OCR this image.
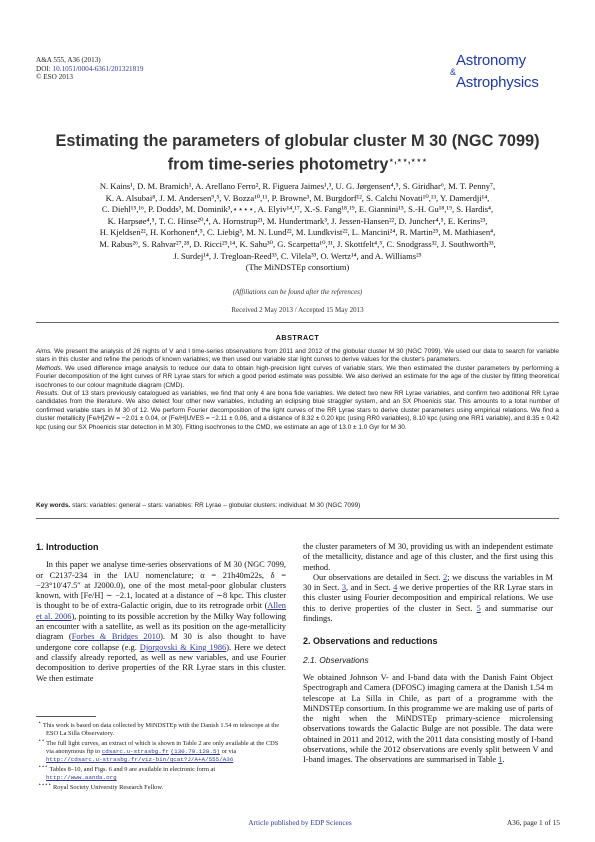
A&A 555, A36 (2013)
DOI: 10.1051/0004-6361/201321819
© ESO 2013
Astronomy
&
Astrophysics
Estimating the parameters of globular cluster M 30 (NGC 7099)
from time-series photometry⋆,⋆⋆,⋆⋆⋆
N. Kains¹, D. M. Bramich¹, A. Arellano Ferro², R. Figuera Jaimes¹,³, U. G. Jørgensen⁴,⁵, S. Giridhar⁶, M. T. Penny⁷,
K. A. Alsubai⁸, J. M. Andersen⁹,⁵, V. Bozza¹⁰,¹¹, P. Browne³, M. Burgdorf¹², S. Calchi Novati¹⁰,¹³, Y. Damerdji¹⁴,
C. Diehl¹⁵,¹⁶, P. Dodds³, M. Dominik³,⋆⋆⋆⋆, A. Elyiv¹⁴,¹⁷, X.-S. Fang¹⁸,¹⁹, E. Giannini¹⁵, S.-H. Gu¹⁸,¹⁹, S. Hardis⁴,
K. Harpsøe⁴,⁵, T. C. Hinse²⁰,⁴, A. Hornstrup²¹, M. Hundertmark³, J. Jessen-Hansen²², D. Juncher⁴,⁵, E. Kerins²³,
H. Kjeldsen²², H. Korhonen⁴,⁵, C. Liebig³, M. N. Lund²², M. Lundkvist²², L. Mancini²⁴, R. Martin²⁵, M. Mathiasen⁴,
M. Rabus²⁶, S. Rahvar²⁷,²⁸, D. Ricci²⁹,¹⁴, K. Sahu³⁰, G. Scarpetta¹⁰,³¹, J. Skottfelt⁴,⁵, C. Snodgrass³², J. Southworth³³,
J. Surdej¹⁴, J. Tregloan-Reed³³, C. Vilela³³, O. Wertz¹⁴, and A. Williams²⁵
(The MiNDSTEp consortium)
(Affiliations can be found after the references)
Received 2 May 2013 / Accepted 15 May 2013
ABSTRACT

Aims. We present the analysis of 26 nights of V and I time-series observations from 2011 and 2012 of the globular cluster M 30 (NGC 7099). We used our data to search for variable stars in this cluster and refine the periods of known variables; we then used our variable star light curves to derive values for the cluster's parameters.

Methods. We used difference image analysis to reduce our data to obtain high-precision light curves of variable stars. We then estimated the cluster parameters by performing a Fourier decomposition of the light curves of RR Lyrae stars for which a good period estimate was possible. We also derived an estimate for the age of the cluster by fitting theoretical isochrones to our colour magnitude diagram (CMD).

Results. Out of 13 stars previously catalogued as variables, we find that only 4 are bona fide variables. We detect two new RR Lyrae variables, and confirm two additional RR Lyrae candidates from the literature. We also detect four other new variables, including an eclipsing blue straggler system, and an SX Phoenicis star. This amounts to a total number of confirmed variable stars in M 30 of 12. We perform Fourier decomposition of the light curves of the RR Lyrae stars to derive cluster parameters using empirical relations. We find a cluster metallicity [Fe/H]ZW = −2.01 ± 0.04, or [Fe/H]UVES = −2.11 ± 0.06, and a distance of 8.32 ± 0.20 kpc (using RR0 variables), 8.10 kpc (using one RR1 variable), and 8.35 ± 0.42 kpc (using our SX Phoenicis star detection in M 30). Fitting isochrones to the CMD, we estimate an age of 13.0 ± 1.0 Gyr for M 30.

Key words. stars: variables: general – stars: variables: RR Lyrae – globular clusters: individual: M 30 (NGC 7099)
1. Introduction

In this paper we analyse time-series observations of M 30 (NGC 7099, or C2137-234 in the IAU nomenclature; α = 21h40m22s, δ = −23°10′47.5″ at J2000.0), one of the most metal-poor globular clusters known, with [Fe/H] ∼ −2.1, located at a distance of ∼8 kpc. This cluster is thought to be of extra-Galactic origin, due to its retrograde orbit (Allen et al. 2006), pointing to its possible accretion by the Milky Way following an encounter with a satellite, as well as its position on the age-metallicity diagram (Forbes & Bridges 2010). M 30 is also thought to have undergone core collapse (e.g. Djorgovski & King 1986). Here we detect and classify already reported, as well as new variables, and use Fourier decomposition to derive properties of the RR Lyrae stars in this cluster. We then estimate

⋆ This work is based on data collected by MiNDSTEp with the Danish 1.54 m telescope at the ESO La Silla Observatory.

⋆⋆ The full light curves, an extract of which is shown in Table 2 are only available at the CDS via anonymous ftp to cdsarc.u-strasbg.fr (130.79.128.5) or via http://cdsarc.u-strasbg.fr/viz-bin/qcat?J/A+A/555/A36

⋆⋆⋆ Tables 8–10, and Figs. 6 and 9 are available in electronic form at http://www.aanda.org

⋆⋆⋆⋆ Royal Society University Research Fellow.

the cluster parameters of M 30, providing us with an independent estimate of the metallicity, distance and age of this cluster, and the first using this method.

Our observations are detailed in Sect. 2; we discuss the variables in M 30 in Sect. 3, and in Sect. 4 we derive properties of the RR Lyrae stars in this cluster using Fourier decomposition and empirical relations. We use this to derive properties of the cluster in Sect. 5 and summarise our findings.

2. Observations and reductions
2.1. Observations

We obtained Johnson V- and I-band data with the Danish Faint Object Spectrograph and Camera (DFOSC) imaging camera at the Danish 1.54 m telescope at La Silla in Chile, as part of a programme with the MiNDSTEp consortium. In this programme we are making use of parts of the night when the MiNDSTEp primary-science microlensing observations towards the Galactic Bulge are not possible. The data were obtained in 2011 and 2012, with the 2011 data consisting mostly of I-band observations, while the 2012 observations are evenly split between V and I-band images. The observations are summarised in Table 1.

Article published by EDP Sciences	A36, page 1 of 15
